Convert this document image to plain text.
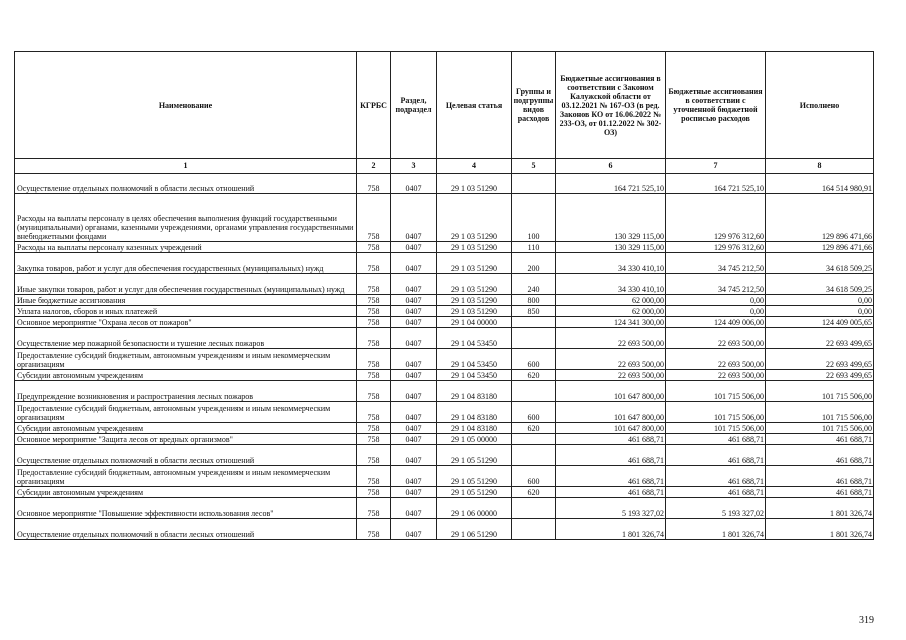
Наименование	КГРБС	Раздел, подраздел	Целевая статья	Группы и подгруппы видов расходов	Бюджетные ассигнования в соответствии с Законом Калужской области от 03.12.2021 № 167-ОЗ (в ред. Законов КО от 16.06.2022 № 233-ОЗ, от 01.12.2022 № 302-ОЗ)	Бюджетные ассигнования в соответствии с уточненной бюджетной росписью расходов	Исполнено
1	2	3	4	5	6	7	8
Осуществление отдельных полномочий в области лесных отношений	758	0407	29 1 03 51290		164 721 525,10	164 721 525,10	164 514 980,91
Расходы на выплаты персоналу в целях обеспечения выполнения функций государственными (муниципальными) органами, казенными учреждениями, органами управления государственными внебюджетными фондами	758	0407	29 1 03 51290	100	130 329 115,00	129 976 312,60	129 896 471,66
Расходы на выплаты персоналу казенных учреждений	758	0407	29 1 03 51290	110	130 329 115,00	129 976 312,60	129 896 471,66
Закупка товаров, работ и услуг для обеспечения государственных (муниципальных) нужд	758	0407	29 1 03 51290	200	34 330 410,10	34 745 212,50	34 618 509,25
Иные закупки товаров, работ и услуг для обеспечения государственных (муниципальных) нужд	758	0407	29 1 03 51290	240	34 330 410,10	34 745 212,50	34 618 509,25
Иные бюджетные ассигнования	758	0407	29 1 03 51290	800	62 000,00	0,00	0,00
Уплата налогов, сборов и иных платежей	758	0407	29 1 03 51290	850	62 000,00	0,00	0,00
Основное мероприятие "Охрана лесов от пожаров"	758	0407	29 1 04 00000		124 341 300,00	124 409 006,00	124 409 005,65
Осуществление мер пожарной безопасности и тушение лесных пожаров	758	0407	29 1 04 53450		22 693 500,00	22 693 500,00	22 693 499,65
Предоставление субсидий бюджетным, автономным учреждениям и иным некоммерческим организациям	758	0407	29 1 04 53450	600	22 693 500,00	22 693 500,00	22 693 499,65
Субсидии автономным учреждениям	758	0407	29 1 04 53450	620	22 693 500,00	22 693 500,00	22 693 499,65
Предупреждение возникновения и распространения лесных пожаров	758	0407	29 1 04 83180		101 647 800,00	101 715 506,00	101 715 506,00
Предоставление субсидий бюджетным, автономным учреждениям и иным некоммерческим организациям	758	0407	29 1 04 83180	600	101 647 800,00	101 715 506,00	101 715 506,00
Субсидии автономным учреждениям	758	0407	29 1 04 83180	620	101 647 800,00	101 715 506,00	101 715 506,00
Основное мероприятие "Защита лесов от вредных организмов"	758	0407	29 1 05 00000		461 688,71	461 688,71	461 688,71
Осуществление отдельных полномочий в области лесных отношений	758	0407	29 1 05 51290		461 688,71	461 688,71	461 688,71
Предоставление субсидий бюджетным, автономным учреждениям и иным некоммерческим организациям	758	0407	29 1 05 51290	600	461 688,71	461 688,71	461 688,71
Субсидии автономным учреждениям	758	0407	29 1 05 51290	620	461 688,71	461 688,71	461 688,71
Основное мероприятие "Повышение эффективности использования лесов"	758	0407	29 1 06 00000		5 193 327,02	5 193 327,02	1 801 326,74
Осуществление отдельных полномочий в области лесных отношений	758	0407	29 1 06 51290		1 801 326,74	1 801 326,74	1 801 326,74
319
